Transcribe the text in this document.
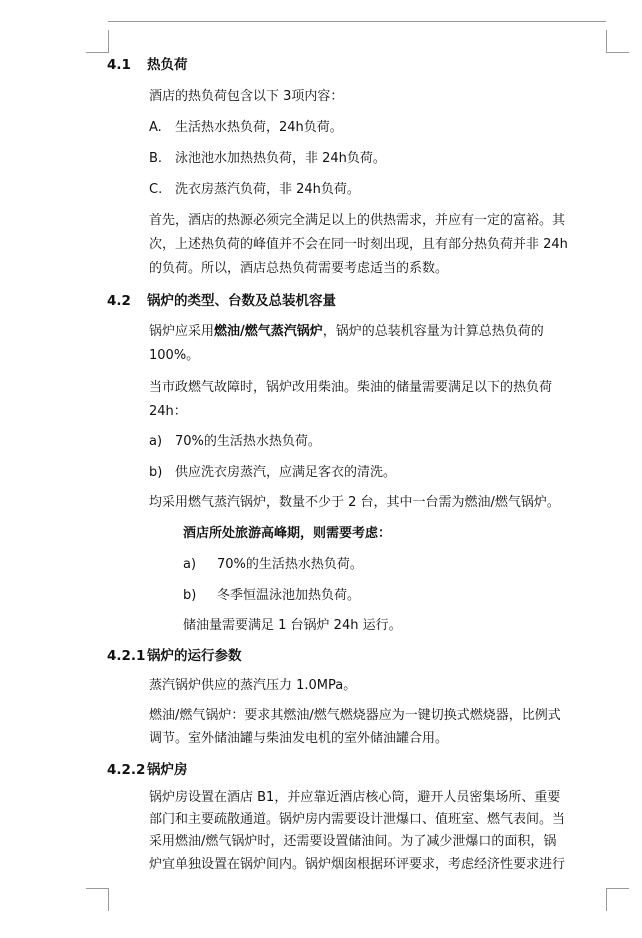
4.1 热负荷
酒店的热负荷包含以下 3项内容：
A. 生活热水热负荷，24h负荷。
B. 泳池池水加热热负荷，非 24h负荷。
C. 洗衣房蒸汽负荷，非 24h负荷。
首先，酒店的热源必须完全满足以上的供热需求，并应有一定的富裕。其
次，上述热负荷的峰值并不会在同一时刻出现，且有部分热负荷并非 24h
的负荷。所以，酒店总热负荷需要考虑适当的系数。
4.2 锅炉的类型、台数及总装机容量
锅炉应采用燃油/燃气蒸汽锅炉，锅炉的总装机容量为计算总热负荷的
100%。
当市政燃气故障时，锅炉改用柴油。柴油的储量需要满足以下的热负荷
24h：
a) 70%的生活热水热负荷。
b) 供应洗衣房蒸汽，应满足客衣的清洗。
均采用燃气蒸汽锅炉，数量不少于 2 台，其中一台需为燃油/燃气锅炉。
酒店所处旅游高峰期，则需要考虑：
a) 70%的生活热水热负荷。
b) 冬季恒温泳池加热负荷。
储油量需要满足 1 台锅炉 24h 运行。
4.2.1 锅炉的运行参数
蒸汽锅炉供应的蒸汽压力 1.0MPa。
燃油/燃气锅炉：要求其燃油/燃气燃烧器应为一键切换式燃烧器，比例式
调节。室外储油罐与柴油发电机的室外储油罐合用。
4.2.2 锅炉房
锅炉房设置在酒店 B1，并应靠近酒店核心筒，避开人员密集场所、重要
部门和主要疏散通道。锅炉房内需要设计泄爆口、值班室、燃气表间。当
采用燃油/燃气锅炉时，还需要设置储油间。为了减少泄爆口的面积，锅
炉宜单独设置在锅炉间内。锅炉烟囱根据环评要求，考虑经济性要求进行
